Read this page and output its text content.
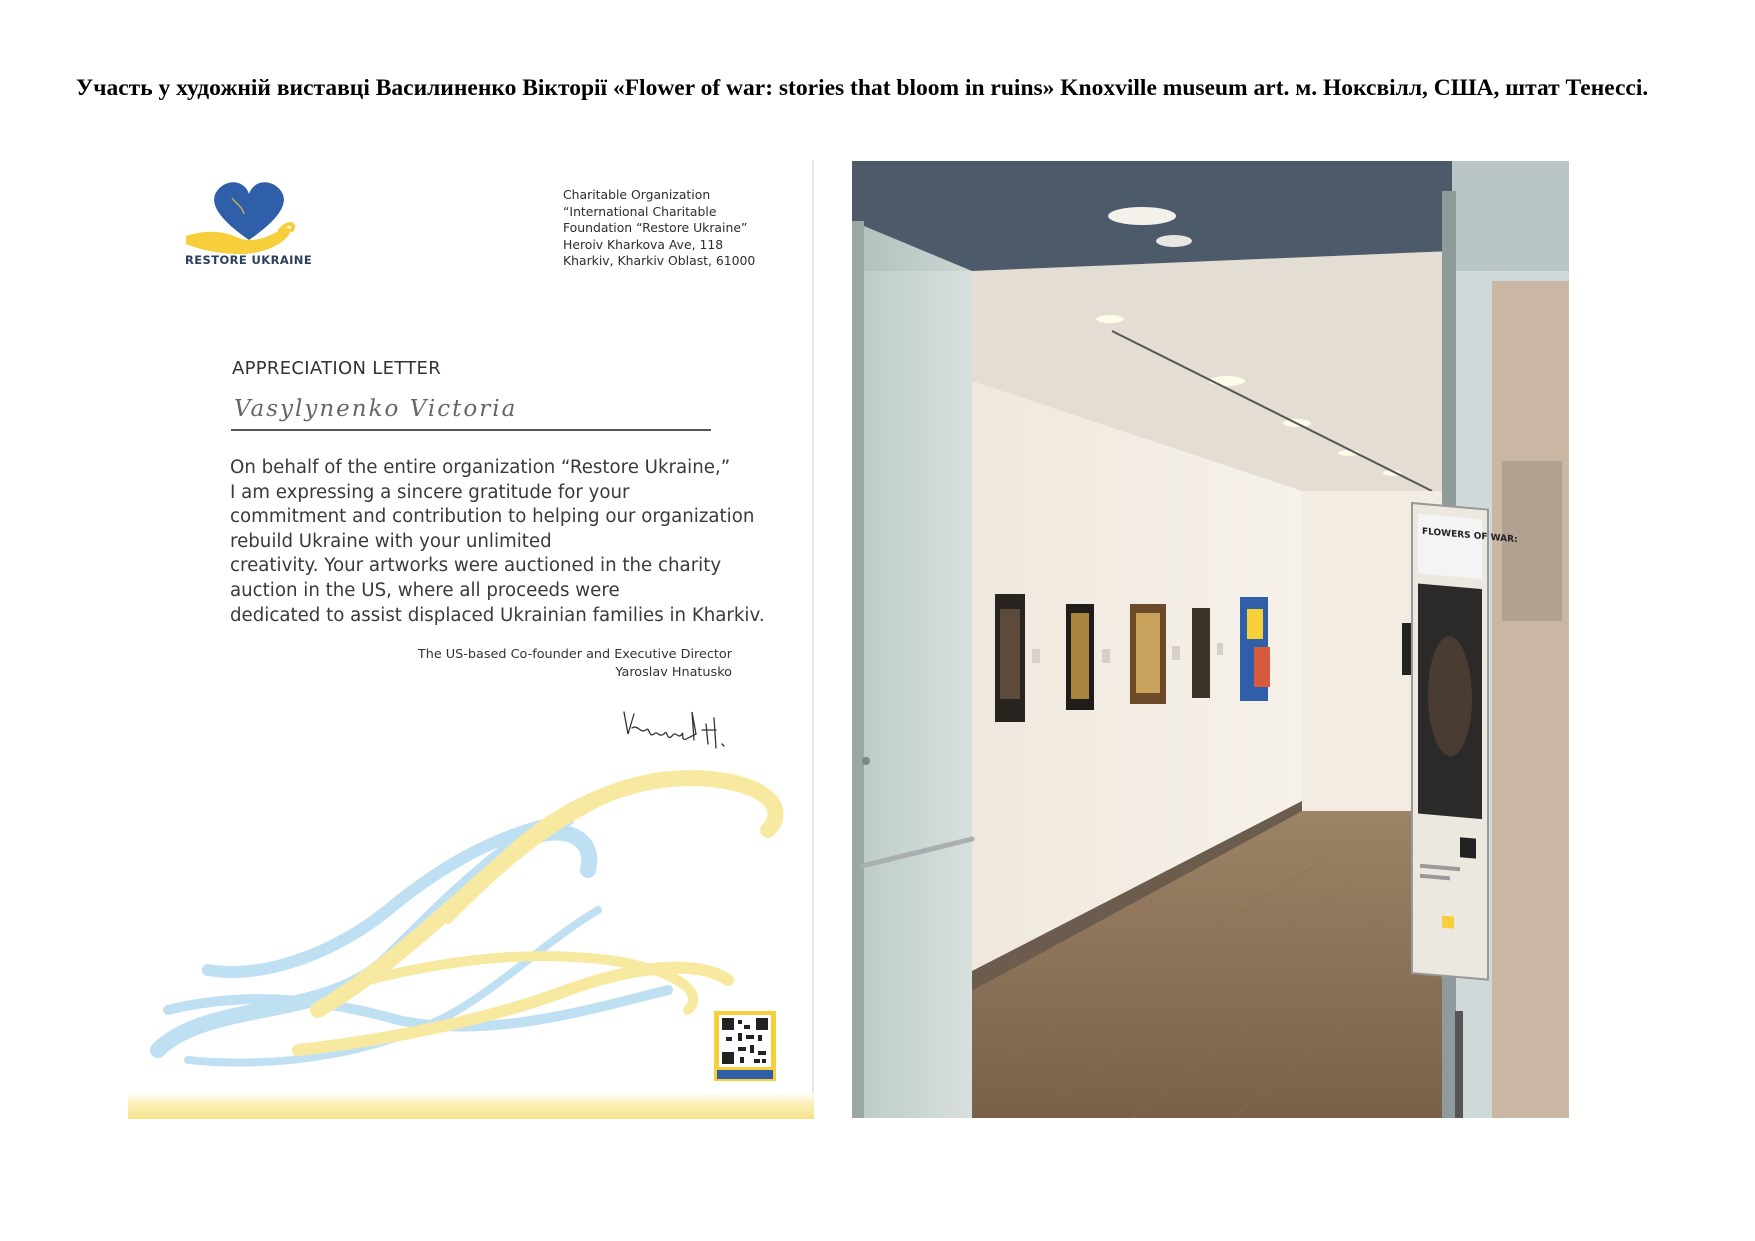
Участь у художній виставці Василиненко Вікторії «Flower of war: stories that bloom in ruins» Knoxville museum art. м. Ноксвілл, США, штат Тенессі.
RESTORE UKRAINE
Charitable Organization
“International Charitable
Foundation “Restore Ukraine”
Heroiv Kharkova Ave, 118
Kharkiv, Kharkiv Oblast, 61000
APPRECIATION LETTER
Vasylynenko Victoria
On behalf of the entire organization “Restore Ukraine,”
I am expressing a sincere gratitude for your
commitment and contribution to helping our organization
rebuild Ukraine with your unlimited
creativity. Your artworks were auctioned in the charity
auction in the US, where all proceeds were
dedicated to assist displaced Ukrainian families in Kharkiv.
The US-based Co-founder and Executive Director
Yaroslav Hnatusko
FLOWERS OF WAR:
